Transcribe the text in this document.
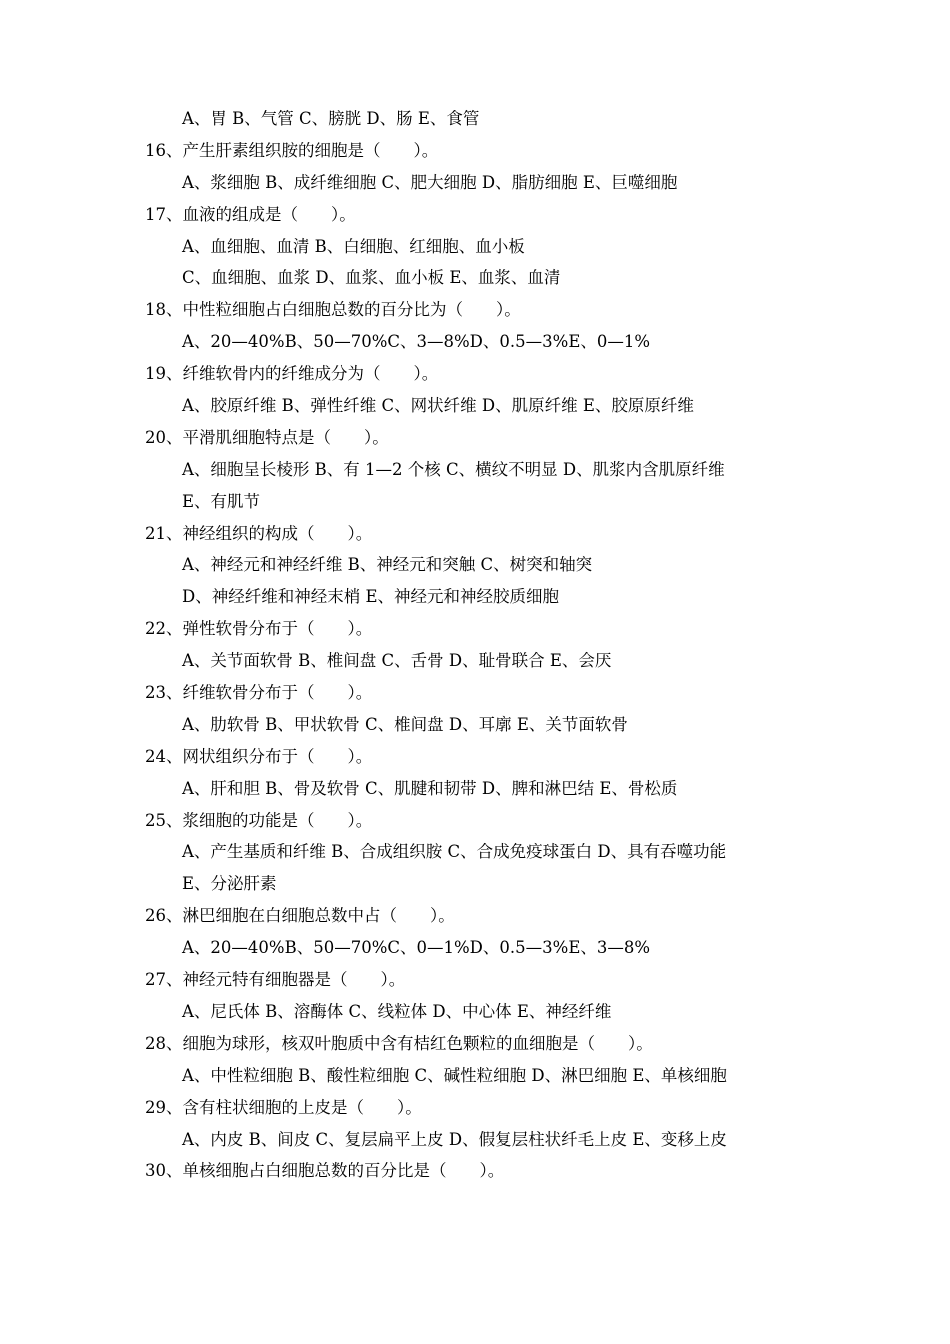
A、胃 B、气管 C、膀胱 D、肠 E、食管
16、产生肝素组织胺的细胞是（　　）。
A、浆细胞 B、成纤维细胞 C、肥大细胞 D、脂肪细胞 E、巨噬细胞
17、血液的组成是（　　）。
A、血细胞、血清 B、白细胞、红细胞、血小板
C、血细胞、血浆 D、血浆、血小板 E、血浆、血清
18、中性粒细胞占白细胞总数的百分比为（　　）。
A、20—40%B、50—70%C、3—8%D、0.5—3%E、0—1%
19、纤维软骨内的纤维成分为（　　）。
A、胶原纤维 B、弹性纤维 C、网状纤维 D、肌原纤维 E、胶原原纤维
20、平滑肌细胞特点是（　　）。
A、细胞呈长棱形 B、有 1—2 个核 C、横纹不明显 D、肌浆内含肌原纤维
E、有肌节
21、神经组织的构成（　　）。
A、神经元和神经纤维 B、神经元和突触 C、树突和轴突
D、神经纤维和神经末梢 E、神经元和神经胶质细胞
22、弹性软骨分布于（　　）。
A、关节面软骨 B、椎间盘 C、舌骨 D、耻骨联合 E、会厌
23、纤维软骨分布于（　　）。
A、肋软骨 B、甲状软骨 C、椎间盘 D、耳廓 E、关节面软骨
24、网状组织分布于（　　）。
A、肝和胆 B、骨及软骨 C、肌腱和韧带 D、脾和淋巴结 E、骨松质
25、浆细胞的功能是（　　）。
A、产生基质和纤维 B、合成组织胺 C、合成免疫球蛋白 D、具有吞噬功能
E、分泌肝素
26、淋巴细胞在白细胞总数中占（　　）。
A、20—40%B、50—70%C、0—1%D、0.5—3%E、3—8%
27、神经元特有细胞器是（　　）。
A、尼氏体 B、溶酶体 C、线粒体 D、中心体 E、神经纤维
28、细胞为球形，核双叶胞质中含有桔红色颗粒的血细胞是（　　）。
A、中性粒细胞 B、酸性粒细胞 C、碱性粒细胞 D、淋巴细胞 E、单核细胞
29、含有柱状细胞的上皮是（　　）。
A、内皮 B、间皮 C、复层扁平上皮 D、假复层柱状纤毛上皮 E、变移上皮
30、单核细胞占白细胞总数的百分比是（　　）。
